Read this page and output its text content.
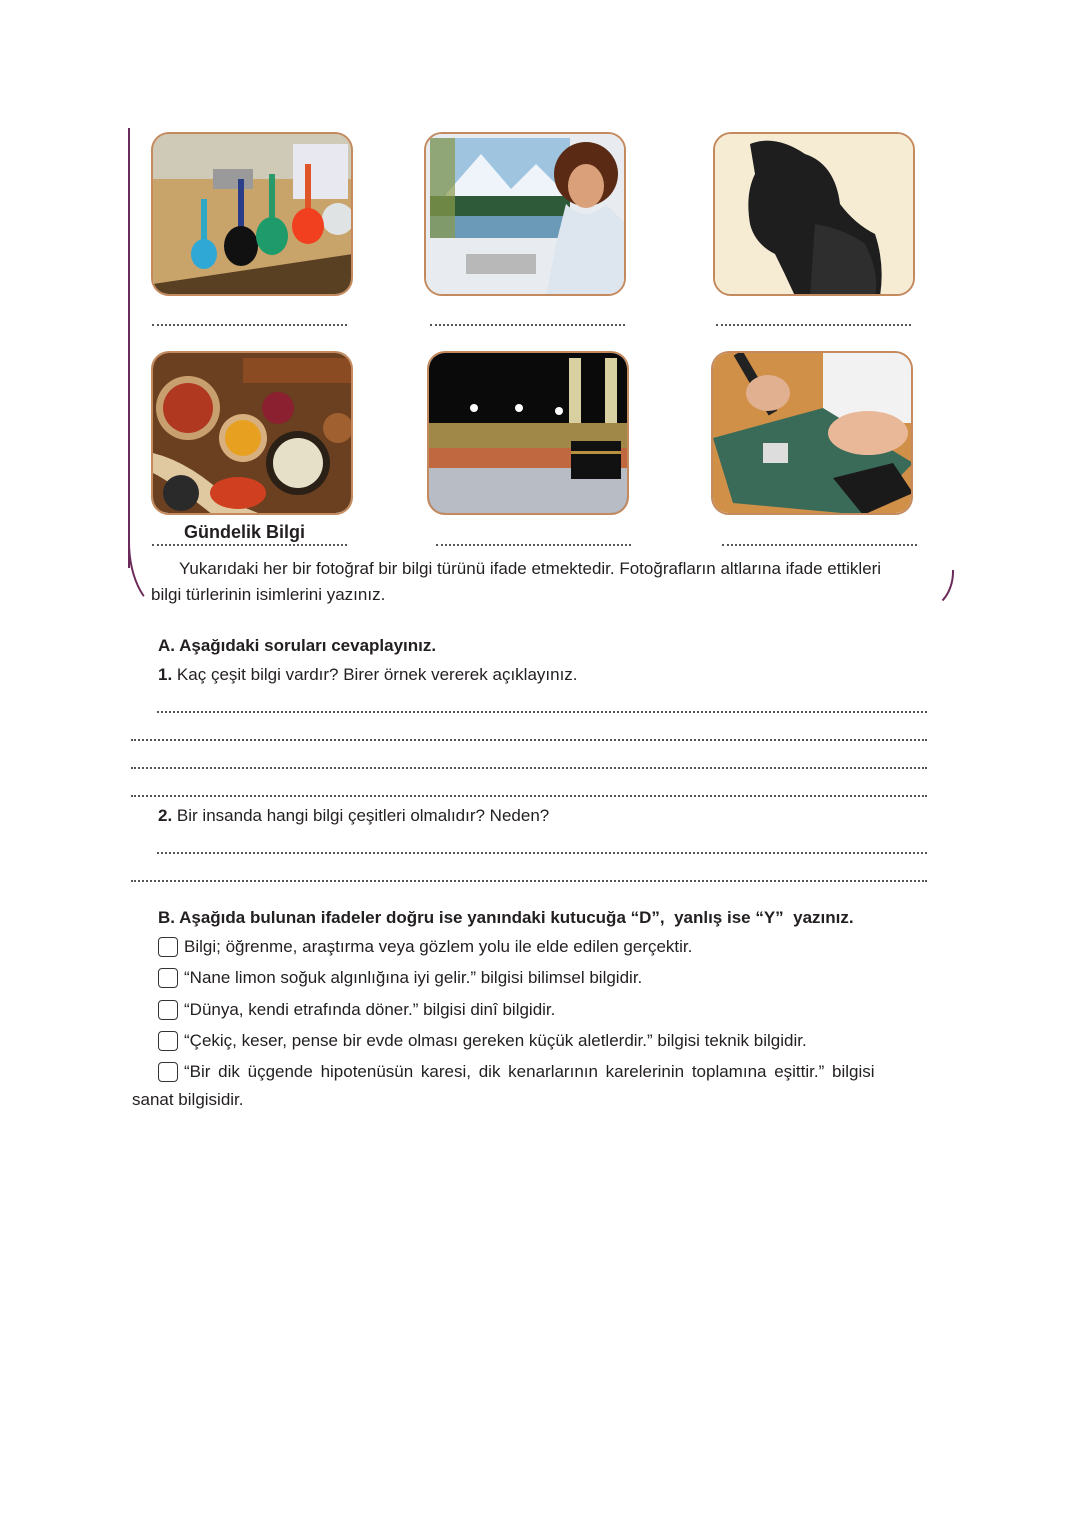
Gündelik Bilgi
Yukarıdaki her bir fotoğraf bir bilgi türünü ifade etmektedir. Fotoğrafların altlarına ifade ettikleri
bilgi türlerinin isimlerini yazınız.
A. Aşağıdaki soruları cevaplayınız.
1. Kaç çeşit bilgi vardır? Birer örnek vererek açıklayınız.
2. Bir insanda hangi bilgi çeşitleri olmalıdır? Neden?
B. Aşağıda bulunan ifadeler doğru ise yanındaki kutucuğa “D”,  yanlış ise “Y”  yazınız.
Bilgi; öğrenme, araştırma veya gözlem yolu ile elde edilen gerçektir.
“Nane limon soğuk algınlığına iyi gelir.” bilgisi bilimsel bilgidir.
“Dünya, kendi etrafında döner.” bilgisi dinî bilgidir.
“Çekiç, keser, pense bir evde olması gereken küçük aletlerdir.” bilgisi teknik bilgidir.
“Bir dik üçgende hipotenüsün karesi, dik kenarlarının karelerinin toplamına eşittir.” bilgisi
sanat bilgisidir.
